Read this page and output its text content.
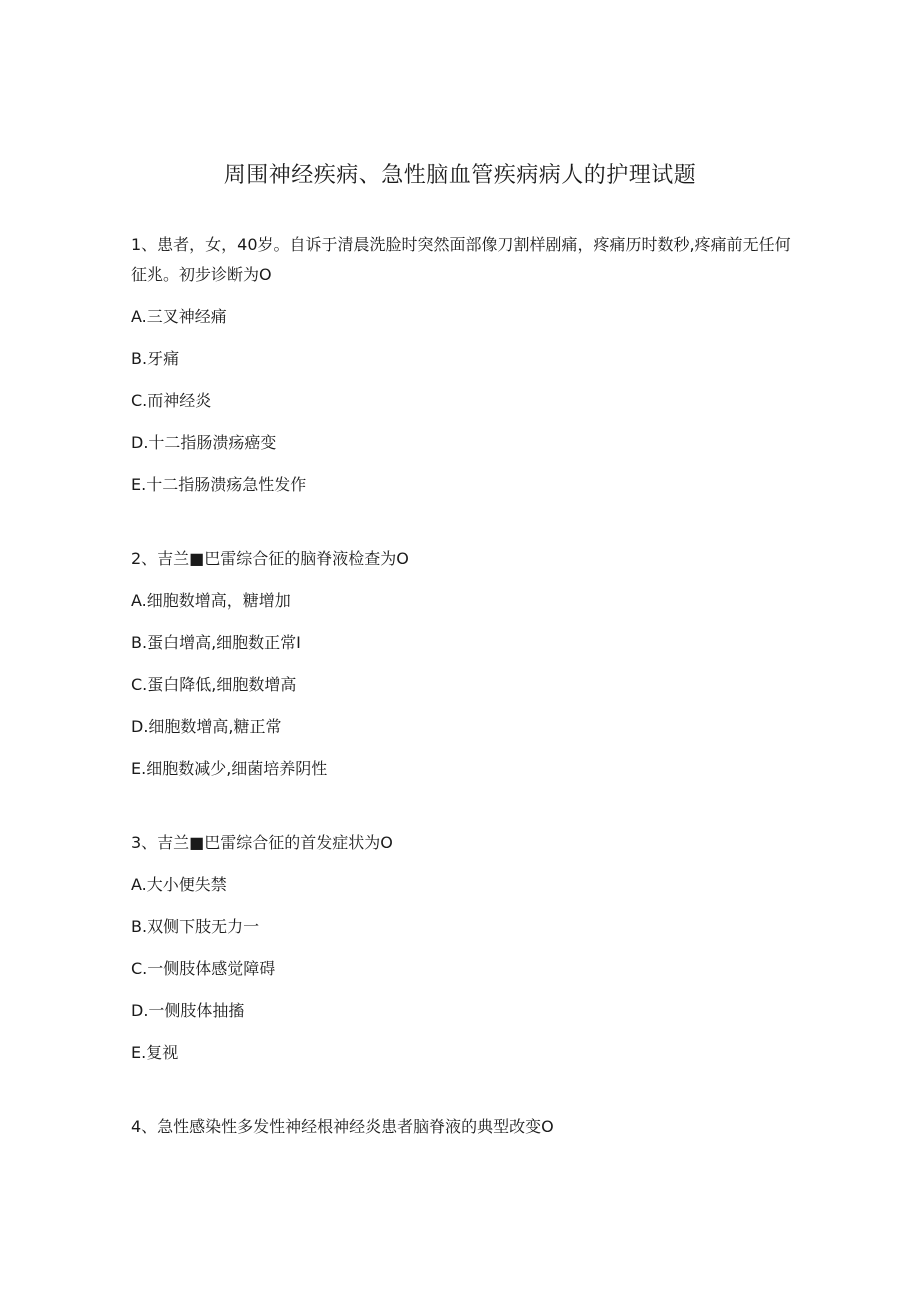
周围神经疾病、急性脑血管疾病病人的护理试题

1、患者，女，40岁。自诉于清晨洗脸时突然面部像刀割样剧痛，疼痛历时数秒,疼痛前无任何征兆。初步诊断为O

A.三叉神经痛

B.牙痛

C.而神经炎

D.十二指肠溃疡癌变

E.十二指肠溃疡急性发作

2、吉兰■巴雷综合征的脑脊液检查为O

A.细胞数增高，糖增加

B.蛋白增高,细胞数正常I

C.蛋白降低,细胞数增高

D.细胞数增高,糖正常

E.细胞数减少,细菌培养阴性

3、吉兰■巴雷综合征的首发症状为O

A.大小便失禁

B.双侧下肢无力一

C.一侧肢体感觉障碍

D.一侧肢体抽搐

E.复视

4、急性感染性多发性神经根神经炎患者脑脊液的典型改变O
